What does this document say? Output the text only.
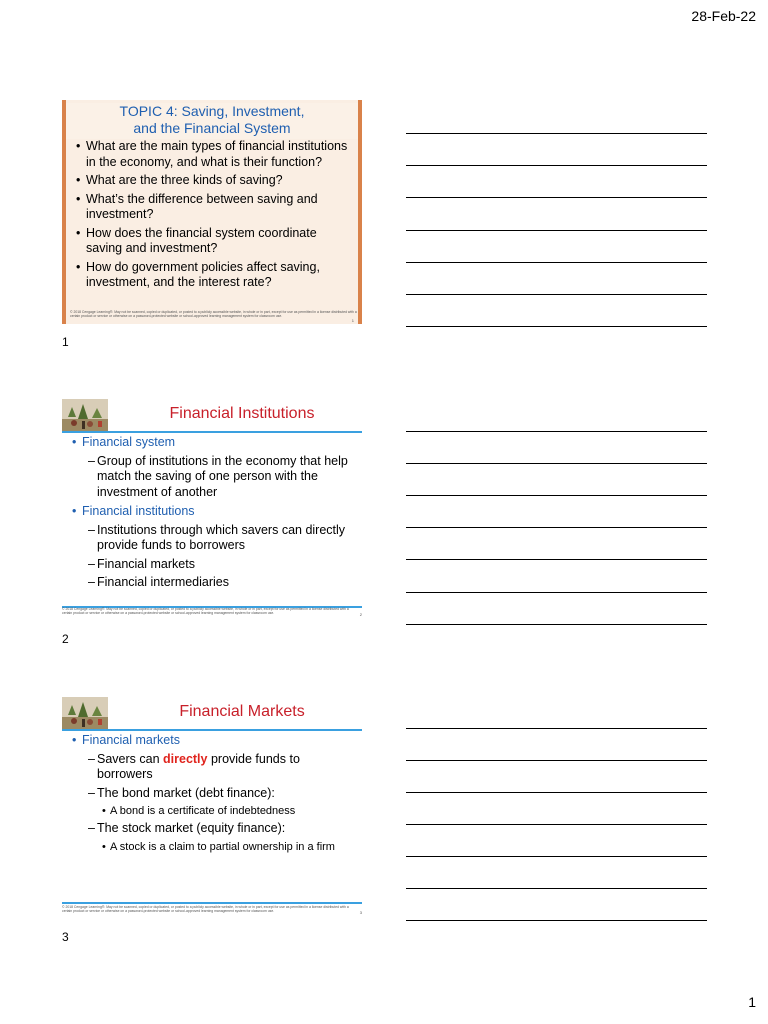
28-Feb-22
TOPIC 4: Saving, Investment,
and the Financial System
• What are the main types of financial institutions in the economy, and what is their function?
• What are the three kinds of saving?
• What’s the difference between saving and investment?
• How does the financial system coordinate saving and investment?
• How do government policies affect saving, investment, and the interest rate?
© 2018 Cengage Learning®. May not be scanned, copied or duplicated, or posted to a publicly accessible website, in whole or in part, except for use as permitted in a license distributed with a certain product or service or otherwise on a password-protected website or school-approved learning management system for classroom use.
1
1
Financial Institutions
• Financial system
– Group of institutions in the economy that help match the saving of one person with the investment of another
• Financial institutions
– Institutions through which savers can directly provide funds to borrowers
– Financial markets
– Financial intermediaries
© 2018 Cengage Learning®. May not be scanned, copied or duplicated, or posted to a publicly accessible website, in whole or in part, except for use as permitted in a license distributed with a certain product or service or otherwise on a password-protected website or school-approved learning management system for classroom use.	2
2
Financial Markets
• Financial markets
– Savers can directly provide funds to borrowers
– The bond market (debt finance):
• A bond is a certificate of indebtedness
– The stock market (equity finance):
• A stock is a claim to partial ownership in a firm
© 2018 Cengage Learning®. May not be scanned, copied or duplicated, or posted to a publicly accessible website, in whole or in part, except for use as permitted in a license distributed with a certain product or service or otherwise on a password-protected website or school-approved learning management system for classroom use.	3
3
1
